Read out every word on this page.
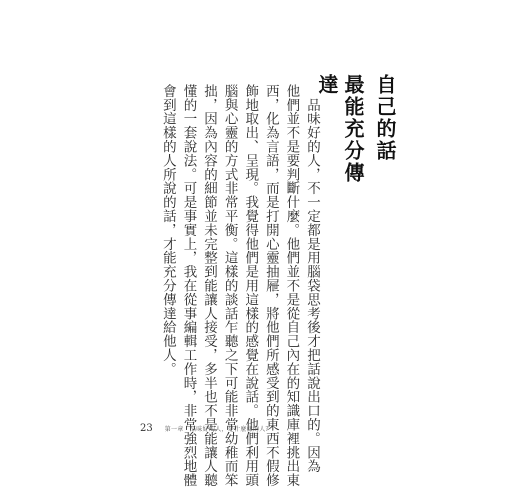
自己的話
最能充分傳達
　品味好的人，不一定都是用腦袋思考後才把話說出口的。因為
他們並不是要判斷什麼。他們並不是從自己內在的知識庫裡挑出東
西，化為言語，而是打開心靈抽屜，將他們所感受到的東西不假修
飾地取出、呈現。我覺得他們是用這樣的感覺在說話。他們利用頭
腦與心靈的方式非常平衡。這樣的談話乍聽之下可能非常幼稚而笨
拙，因為內容的細節並未完整到能讓人接受，多半也不是能讓人聽
懂的一套說法。可是事實上，我在從事編輯工作時，非常強烈地體
會到這樣的人所說的話，才能充分傳達給他人。
23 第一章　品味好的人，是什麼樣的人？
